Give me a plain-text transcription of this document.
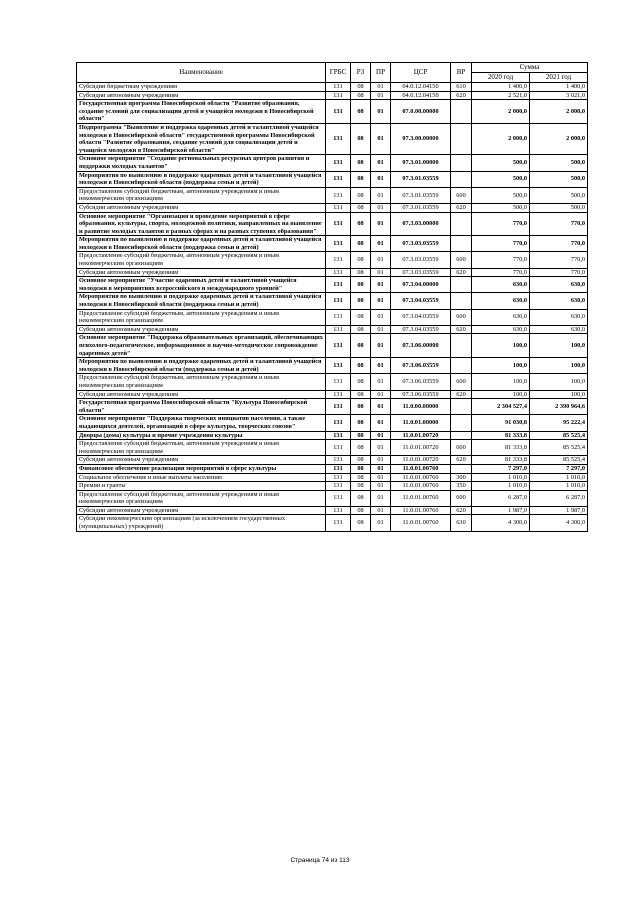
Наименование	ГРБС	РЗ	ПР	ЦСР	ВР	Сумма	
						2020 год	2021 год
Субсидии бюджетным учреждениям	131	08	01	04.0.12.04150	610	1 400,0	1 400,0
Субсидии автономным учреждениям	131	08	01	04.0.12.04150	620	2 521,0	3 021,0
Государственная программа Новосибирской области "Развитие образования, создание условий для социализации детей и учащейся молодежи в Новосибирской области"	131	08	01	07.0.00.00000		2 000,0	2 000,0
Подпрограмма "Выявление и поддержка одаренных детей и талантливой учащейся молодежи в Новосибирской области" государственной программы Новосибирской области "Развитие образования, создание условий для социализации детей и учащейся молодежи в Новосибирской области"	131	08	01	07.3.00.00000		2 000,0	2 000,0
Основное мероприятие "Создание региональных ресурсных центров развития и поддержки молодых талантов"	131	08	01	07.3.01.00000		500,0	500,0
Мероприятия по выявлению и поддержке одаренных детей и талантливой учащейся молодежи в Новосибирской области (поддержка семьи и детей)	131	08	01	07.3.01.03559		500,0	500,0
Предоставление субсидий бюджетным, автономным учреждениям и иным некоммерческим организациям	131	08	01	07.3.01.03559	600	500,0	500,0
Субсидии автономным учреждениям	131	08	01	07.3.01.03559	620	500,0	500,0
Основное мероприятие "Организация и проведение мероприятий в сфере образования, культуры, спорта, молодежной политики, направленных на выявление и развитие молодых талантов в разных сферах и на разных ступенях образования"	131	08	01	07.3.03.00000		770,0	770,0
Мероприятия по выявлению и поддержке одаренных детей и талантливой учащейся молодежи в Новосибирской области (поддержка семьи и детей)	131	08	01	07.3.03.03559		770,0	770,0
Предоставление субсидий бюджетным, автономным учреждениям и иным некоммерческим организациям	131	08	01	07.3.03.03559	600	770,0	770,0
Субсидии автономным учреждениям	131	08	01	07.3.03.03559	620	770,0	770,0
Основное мероприятие "Участие одаренных детей и талантливой учащейся молодежи в мероприятиях всероссийского и международного уровней"	131	08	01	07.3.04.00000		630,0	630,0
Мероприятия по выявлению и поддержке одаренных детей и талантливой учащейся молодежи в Новосибирской области (поддержка семьи и детей)	131	08	01	07.3.04.03559		630,0	630,0
Предоставление субсидий бюджетным, автономным учреждениям и иным некоммерческим организациям	131	08	01	07.3.04.03559	600	630,0	630,0
Субсидии автономным учреждениям	131	08	01	07.3.04.03559	620	630,0	630,0
Основное мероприятие "Поддержка образовательных организаций, обеспечивающих психолого-педагогическое, информационное и научно-методическое сопровождение одаренных детей"	131	08	01	07.3.06.00000		100,0	100,0
Мероприятия по выявлению и поддержке одаренных детей и талантливой учащейся молодежи в Новосибирской области (поддержка семьи и детей)	131	08	01	07.3.06.03559		100,0	100,0
Предоставление субсидий бюджетным, автономным учреждениям и иным некоммерческим организациям	131	08	01	07.3.06.03559	600	100,0	100,0
Субсидии автономным учреждениям	131	08	01	07.3.06.03559	620	100,0	100,0
Государственная программа Новосибирской области "Культура Новосибирской области"	131	08	01	11.0.00.00000		2 304 527,4	2 390 964,6
Основное мероприятие "Поддержка творческих инициатив населения, а также выдающихся деятелей, организаций в сфере культуры, творческих союзов"	131	08	01	11.0.01.00000		91 030,8	95 222,4
Дворцы (дома) культуры и прочие учреждения культуры	131	08	01	11.0.01.00720		81 333,8	85 525,4
Предоставление субсидий бюджетным, автономным учреждениям и иным некоммерческим организациям	131	08	01	11.0.01.00720	600	81 333,8	85 525,4
Субсидии автономным учреждениям	131	08	01	11.0.01.00720	620	81 333,8	85 525,4
Финансовое обеспечение реализации мероприятий в сфере культуры	131	08	01	11.0.01.00760		7 297,0	7 297,0
Социальное обеспечение и иные выплаты населению	131	08	01	11.0.01.00760	300	1 010,0	1 010,0
Премии и гранты	131	08	01	11.0.01.00760	350	1 010,0	1 010,0
Предоставление субсидий бюджетным, автономным учреждениям и иным некоммерческим организациям	131	08	01	11.0.01.00760	600	6 287,0	6 287,0
Субсидии автономным учреждениям	131	08	01	11.0.01.00760	620	1 987,0	1 987,0
Субсидии некоммерческим организациям (за исключением государственных (муниципальных) учреждений)	131	08	01	11.0.01.00760	630	4 300,0	4 300,0
Страница 74 из 113
